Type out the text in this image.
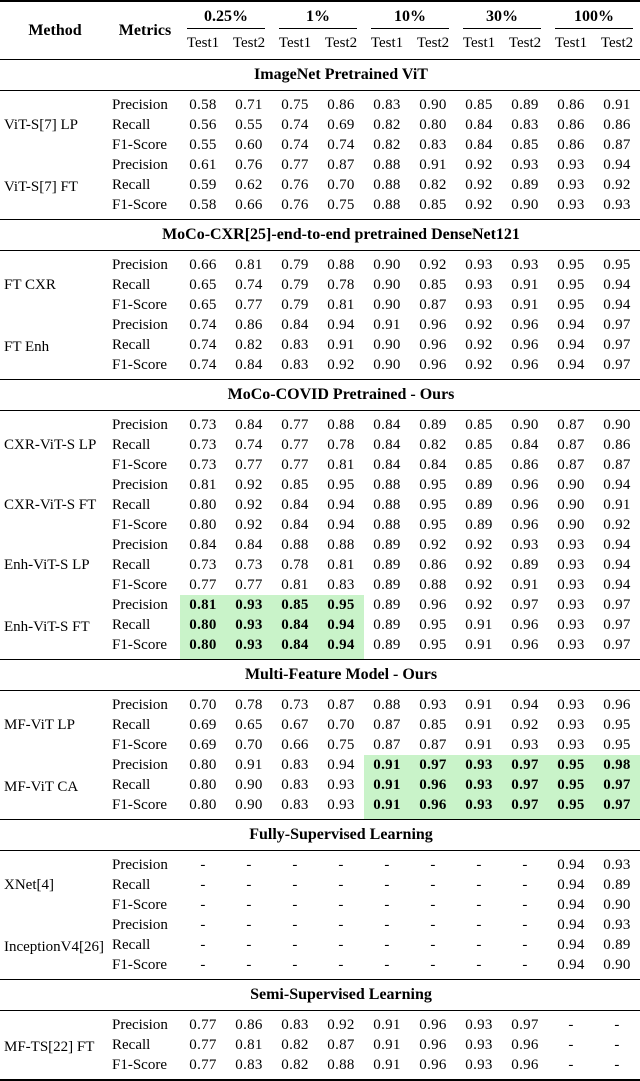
Method	Metrics	0.25%		1%		10%		30%		100%	

		Test1	Test2	Test1	Test2	Test1	Test2	Test1	Test2	Test1	Test2
ImageNet Pretrained ViT											
ViT-S[7] LP	Precision	0.58	0.71	0.75	0.86	0.83	0.90	0.85	0.89	0.86	0.91
	Recall	0.56	0.55	0.74	0.69	0.82	0.80	0.84	0.83	0.86	0.86
	F1-Score	0.55	0.60	0.74	0.74	0.82	0.83	0.84	0.85	0.86	0.87
ViT-S[7] FT	Precision	0.61	0.76	0.77	0.87	0.88	0.91	0.92	0.93	0.93	0.94
	Recall	0.59	0.62	0.76	0.70	0.88	0.82	0.92	0.89	0.93	0.92
	F1-Score	0.58	0.66	0.76	0.75	0.88	0.85	0.92	0.90	0.93	0.93
MoCo-CXR[25]-end-to-end pretrained DenseNet121											
FT CXR	Precision	0.66	0.81	0.79	0.88	0.90	0.92	0.93	0.93	0.95	0.95
	Recall	0.65	0.74	0.79	0.78	0.90	0.85	0.93	0.91	0.95	0.94
	F1-Score	0.65	0.77	0.79	0.81	0.90	0.87	0.93	0.91	0.95	0.94
FT Enh	Precision	0.74	0.86	0.84	0.94	0.91	0.96	0.92	0.96	0.94	0.97
	Recall	0.74	0.82	0.83	0.91	0.90	0.96	0.92	0.96	0.94	0.97
	F1-Score	0.74	0.84	0.83	0.92	0.90	0.96	0.92	0.96	0.94	0.97
MoCo-COVID Pretrained - Ours											
CXR-ViT-S LP	Precision	0.73	0.84	0.77	0.88	0.84	0.89	0.85	0.90	0.87	0.90
	Recall	0.73	0.74	0.77	0.78	0.84	0.82	0.85	0.84	0.87	0.86
	F1-Score	0.73	0.77	0.77	0.81	0.84	0.84	0.85	0.86	0.87	0.87
CXR-ViT-S FT	Precision	0.81	0.92	0.85	0.95	0.88	0.95	0.89	0.96	0.90	0.94
	Recall	0.80	0.92	0.84	0.94	0.88	0.95	0.89	0.96	0.90	0.91
	F1-Score	0.80	0.92	0.84	0.94	0.88	0.95	0.89	0.96	0.90	0.92
Enh-ViT-S LP	Precision	0.84	0.84	0.88	0.88	0.89	0.92	0.92	0.93	0.93	0.94
	Recall	0.73	0.73	0.78	0.81	0.89	0.86	0.92	0.89	0.93	0.94
	F1-Score	0.77	0.77	0.81	0.83	0.89	0.88	0.92	0.91	0.93	0.94
Enh-ViT-S FT	Precision	0.81	0.93	0.85	0.95	0.89	0.96	0.92	0.97	0.93	0.97
	Recall	0.80	0.93	0.84	0.94	0.89	0.95	0.91	0.96	0.93	0.97
	F1-Score	0.80	0.93	0.84	0.94	0.89	0.95	0.91	0.96	0.93	0.97
Multi-Feature Model - Ours											
MF-ViT LP	Precision	0.70	0.78	0.73	0.87	0.88	0.93	0.91	0.94	0.93	0.96
	Recall	0.69	0.65	0.67	0.70	0.87	0.85	0.91	0.92	0.93	0.95
	F1-Score	0.69	0.70	0.66	0.75	0.87	0.87	0.91	0.93	0.93	0.95
MF-ViT CA	Precision	0.80	0.91	0.83	0.94	0.91	0.97	0.93	0.97	0.95	0.98
	Recall	0.80	0.90	0.83	0.93	0.91	0.96	0.93	0.97	0.95	0.97
	F1-Score	0.80	0.90	0.83	0.93	0.91	0.96	0.93	0.97	0.95	0.97
Fully-Supervised Learning											
XNet[4]	Precision	-	-	-	-	-	-	-	-	0.94	0.93
	Recall	-	-	-	-	-	-	-	-	0.94	0.89
	F1-Score	-	-	-	-	-	-	-	-	0.94	0.90
InceptionV4[26]	Precision	-	-	-	-	-	-	-	-	0.94	0.93
	Recall	-	-	-	-	-	-	-	-	0.94	0.89
	F1-Score	-	-	-	-	-	-	-	-	0.94	0.90
Semi-Supervised Learning											
MF-TS[22] FT	Precision	0.77	0.86	0.83	0.92	0.91	0.96	0.93	0.97	-	-
	Recall	0.77	0.81	0.82	0.87	0.91	0.96	0.93	0.96	-	-
	F1-Score	0.77	0.83	0.82	0.88	0.91	0.96	0.93	0.96	-	-
